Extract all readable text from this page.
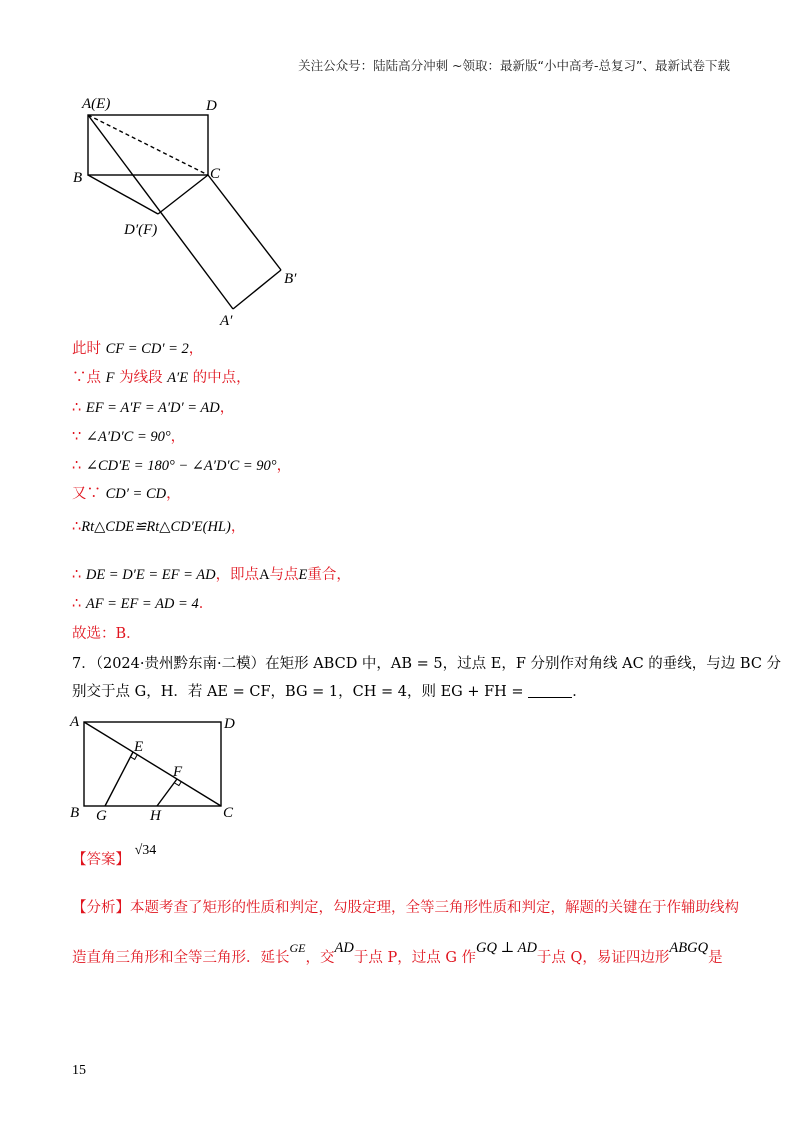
关注公众号：陆陆高分冲刺 ~领取：最新版“小中高考-总复习”、最新试卷下载
A(E)	D
B	C
D′(F)
B′
A′
此时 CF = CD′ = 2，
∵点 F 为线段 A′E 的中点，
∴ EF = A′F = A′D′ = AD，
∵ ∠A′D′C = 90°，
∴ ∠CD′E = 180° − ∠A′D′C = 90°，
又∵ CD′ = CD，
∴Rt△CDE≌Rt△CD′E(HL)，
∴ DE = D′E = EF = AD，即点A与点E重合，
∴ AF = EF = AD = 4．
故选：B．
7．（2024·贵州黔东南·二模）在矩形 ABCD 中，AB = 5，过点 E，F 分别作对角线 AC 的垂线，与边 BC 分
别交于点 G，H．若 AE = CF，BG = 1，CH = 4，则 EG + FH =	．
A	D
E
F
B G	H	C
【答案】 √34
【分析】本题考查了矩形的性质和判定，勾股定理，全等三角形性质和判定，解题的关键在于作辅助线构
造直角三角形和全等三角形．延长$^{GE}$，交AD于点 P，过点 G 作GQ ⊥ AD于点 Q，易证四边形ABGQ是
15
